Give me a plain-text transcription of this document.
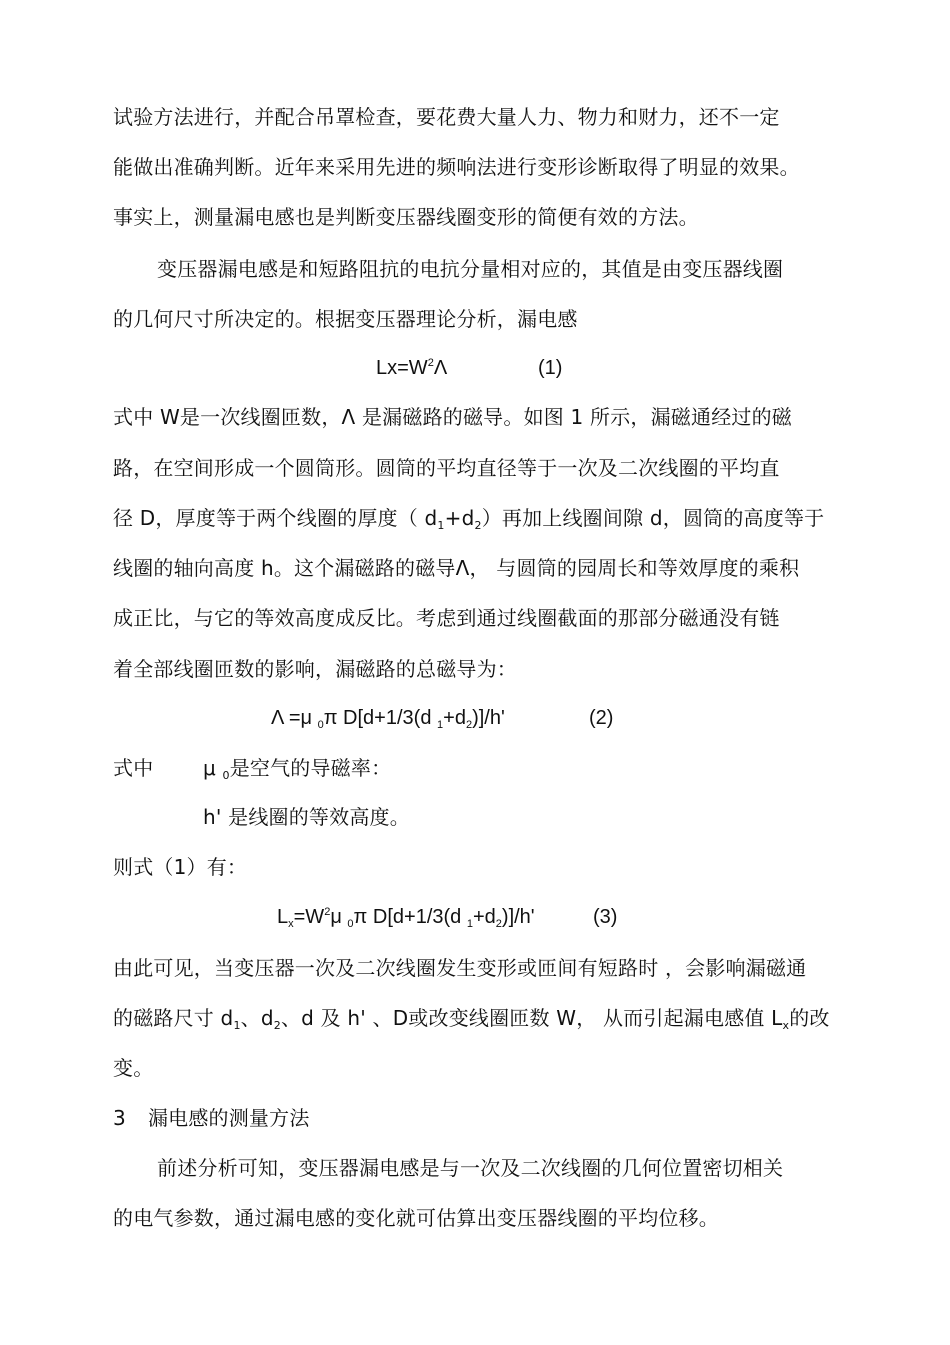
试验方法进行，并配合吊罩检查，要花费大量人力、物力和财力，还不一定
能做出准确判断。近年来采用先进的频响法进行变形诊断取得了明显的效果。
事实上，测量漏电感也是判断变压器线圈变形的简便有效的方法。
变压器漏电感是和短路阻抗的电抗分量相对应的，其值是由变压器线圈
的几何尺寸所决定的。根据变压器理论分析，漏电感
$Lx=W^2\Lambda$	(1)
式中 W是一次线圈匝数，Λ 是漏磁路的磁导。如图 1 所示，漏磁通经过的磁
路，在空间形成一个圆筒形。圆筒的平均直径等于一次及二次线圈的平均直
径 D，厚度等于两个线圈的厚度（ $d_1+d_2$）再加上线圈间隙 d，圆筒的高度等于
线圈的轴向高度 h。这个漏磁路的磁导Λ， 与圆筒的园周长和等效厚度的乘积
成正比，与它的等效高度成反比。考虑到通过线圈截面的那部分磁通没有链
着全部线圈匝数的影响，漏磁路的总磁导为：
Λ =μ $_0$π D[d+1/3(d $_1+d_2)]/h'$	(2)
式中 μ $_0$是空气的导磁率：
h' 是线圈的等效高度。
则式（1）有：
$L_x=W^2\mu$ $_0$π D[d+1/3(d $_1+d_2)]/h'$	(3)
由此可见，当变压器一次及二次线圈发生变形或匝间有短路时 ，会影响漏磁通
的磁路尺寸 $d_1$、$d_2$、d 及 h' 、D或改变线圈匝数 W， 从而引起漏电感值 $L_x$的改
变。
3 漏电感的测量方法
前述分析可知，变压器漏电感是与一次及二次线圈的几何位置密切相关
的电气参数，通过漏电感的变化就可估算出变压器线圈的平均位移。
